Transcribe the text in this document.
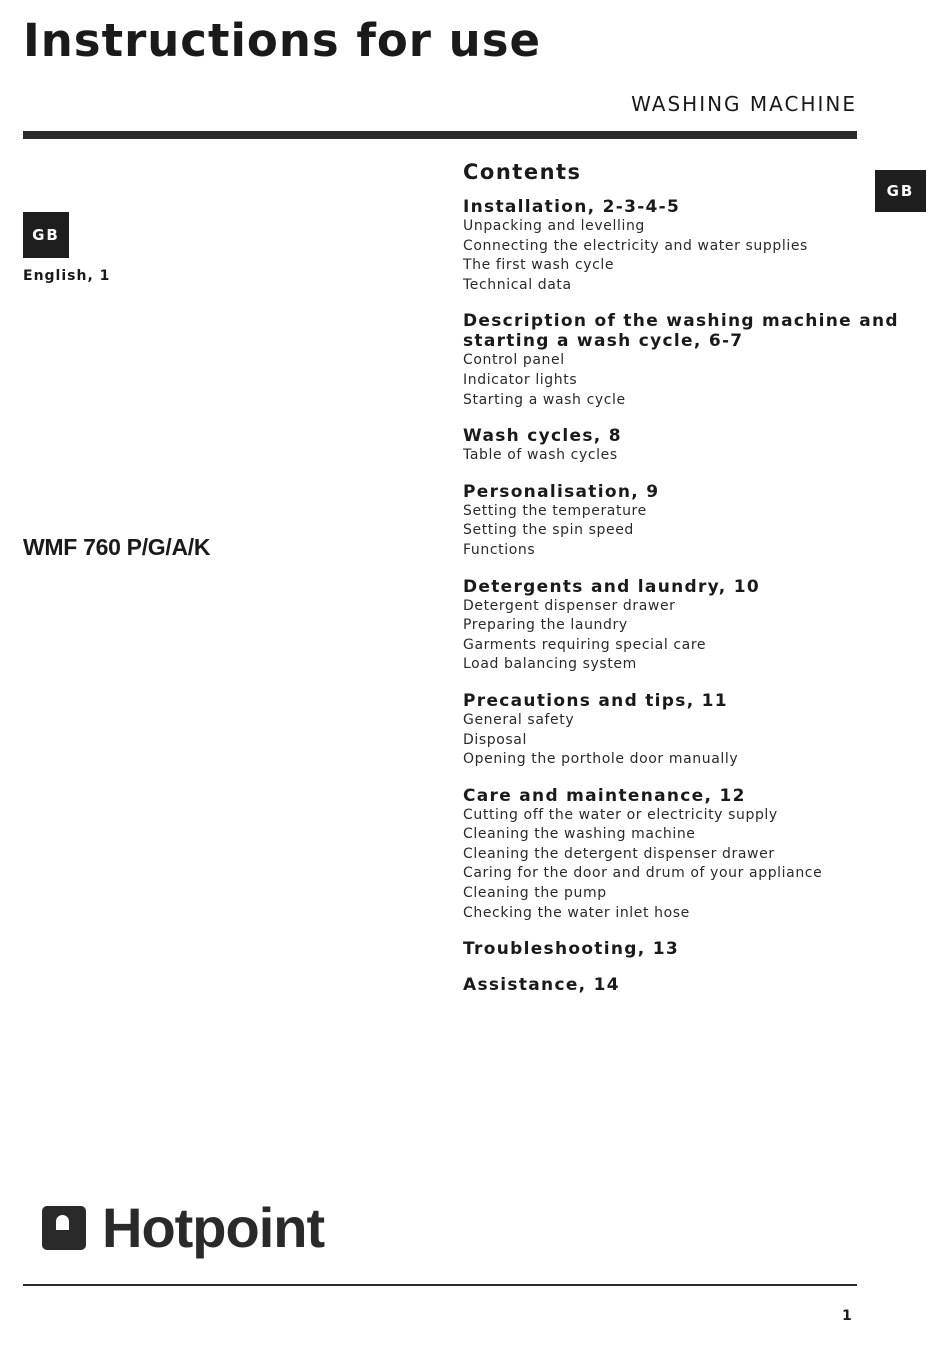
Instructions for use
WASHING MACHINE
GB
English, 1
GB
WMF 760 P/G/A/K
Contents
Installation, 2-3-4-5
Unpacking and levelling
Connecting the electricity and water supplies
The first wash cycle
Technical data
Description of the washing machine and starting a wash cycle, 6-7
Control panel
Indicator lights
Starting a wash cycle
Wash cycles, 8
Table of wash cycles
Personalisation, 9
Setting the temperature
Setting the spin speed
Functions
Detergents and laundry, 10
Detergent dispenser drawer
Preparing the laundry
Garments requiring special care
Load balancing system
Precautions and tips, 11
General safety
Disposal
Opening the porthole door manually
Care and maintenance, 12
Cutting off the water or electricity supply
Cleaning the washing machine
Cleaning the detergent dispenser drawer
Caring for the door and drum of your appliance
Cleaning the pump
Checking the water inlet hose
Troubleshooting, 13
Assistance, 14
Hotpoint
1
